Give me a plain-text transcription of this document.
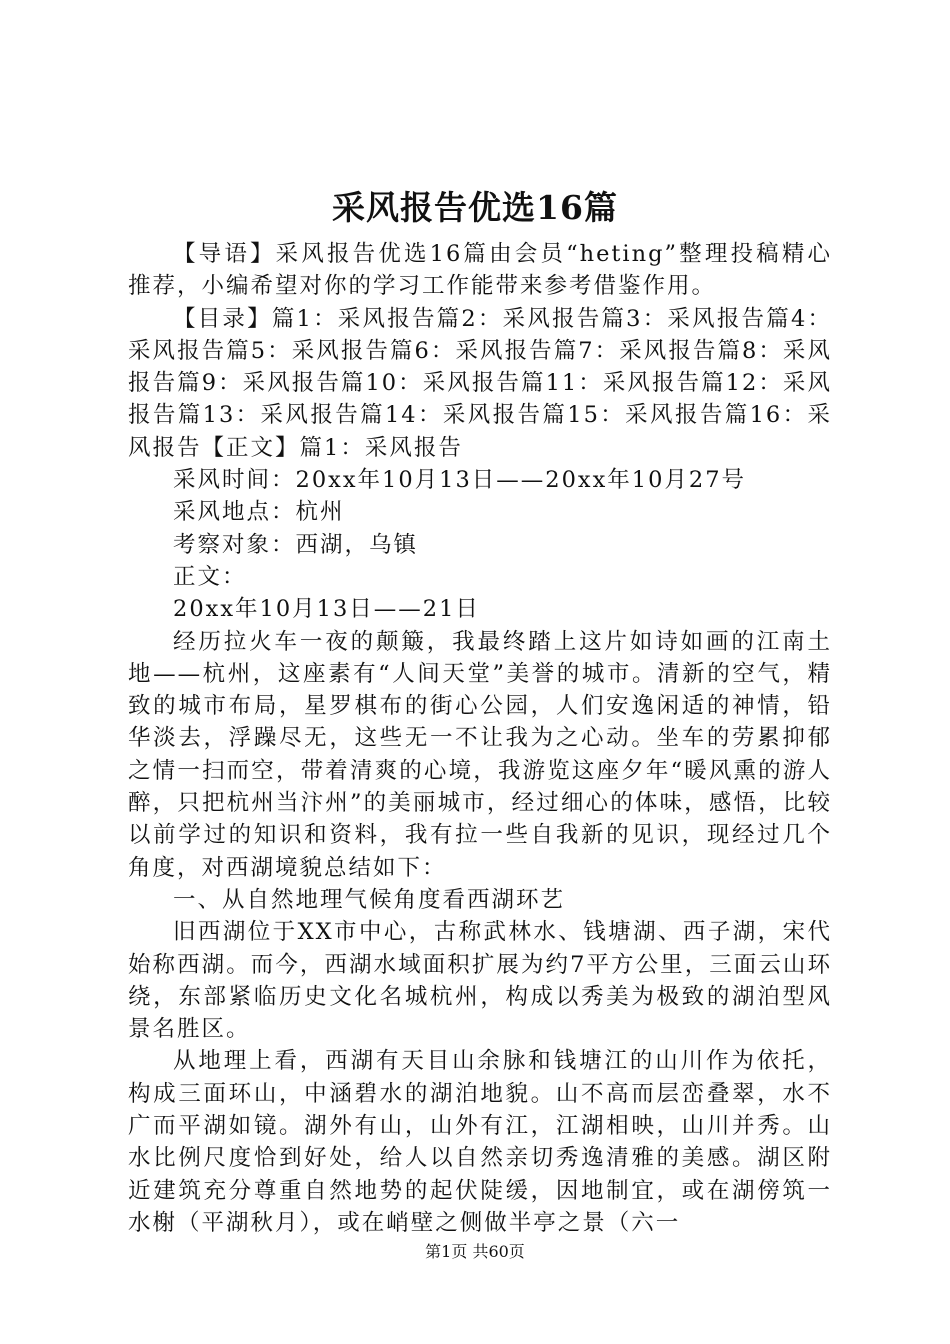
采风报告优选16篇

【导语】采风报告优选16篇由会员“heting”整理投稿精心推荐，小编希望对你的学习工作能带来参考借鉴作用。

【目录】篇1：采风报告篇2：采风报告篇3：采风报告篇4：采风报告篇5：采风报告篇6：采风报告篇7：采风报告篇8：采风报告篇9：采风报告篇10：采风报告篇11：采风报告篇12：采风报告篇13：采风报告篇14：采风报告篇15：采风报告篇16：采风报告【正文】篇1：采风报告

采风时间：20xx年10月13日——20xx年10月27号

采风地点：杭州

考察对象：西湖，乌镇

正文：

20xx年10月13日——21日

经历拉火车一夜的颠簸，我最终踏上这片如诗如画的江南土地——杭州，这座素有“人间天堂”美誉的城市。清新的空气，精致的城市布局，星罗棋布的街心公园，人们安逸闲适的神情，铅华淡去，浮躁尽无，这些无一不让我为之心动。坐车的劳累抑郁之情一扫而空，带着清爽的心境，我游览这座夕年“暖风熏的游人醉，只把杭州当汴州”的美丽城市，经过细心的体味，感悟，比较以前学过的知识和资料，我有拉一些自我新的见识，现经过几个角度，对西湖境貌总结如下：

一、从自然地理气候角度看西湖环艺

旧西湖位于XX市中心，古称武林水、钱塘湖、西子湖，宋代始称西湖。而今，西湖水域面积扩展为约7平方公里，三面云山环绕，东部紧临历史文化名城杭州，构成以秀美为极致的湖泊型风景名胜区。

从地理上看，西湖有天目山余脉和钱塘江的山川作为依托，构成三面环山，中涵碧水的湖泊地貌。山不高而层峦叠翠，水不广而平湖如镜。湖外有山，山外有江，江湖相映，山川并秀。山水比例尺度恰到好处，给人以自然亲切秀逸清雅的美感。湖区附近建筑充分尊重自然地势的起伏陡缓，因地制宜，或在湖傍筑一水榭（平湖秋月），或在峭壁之侧做半亭之景（六一

第1页 共60页
